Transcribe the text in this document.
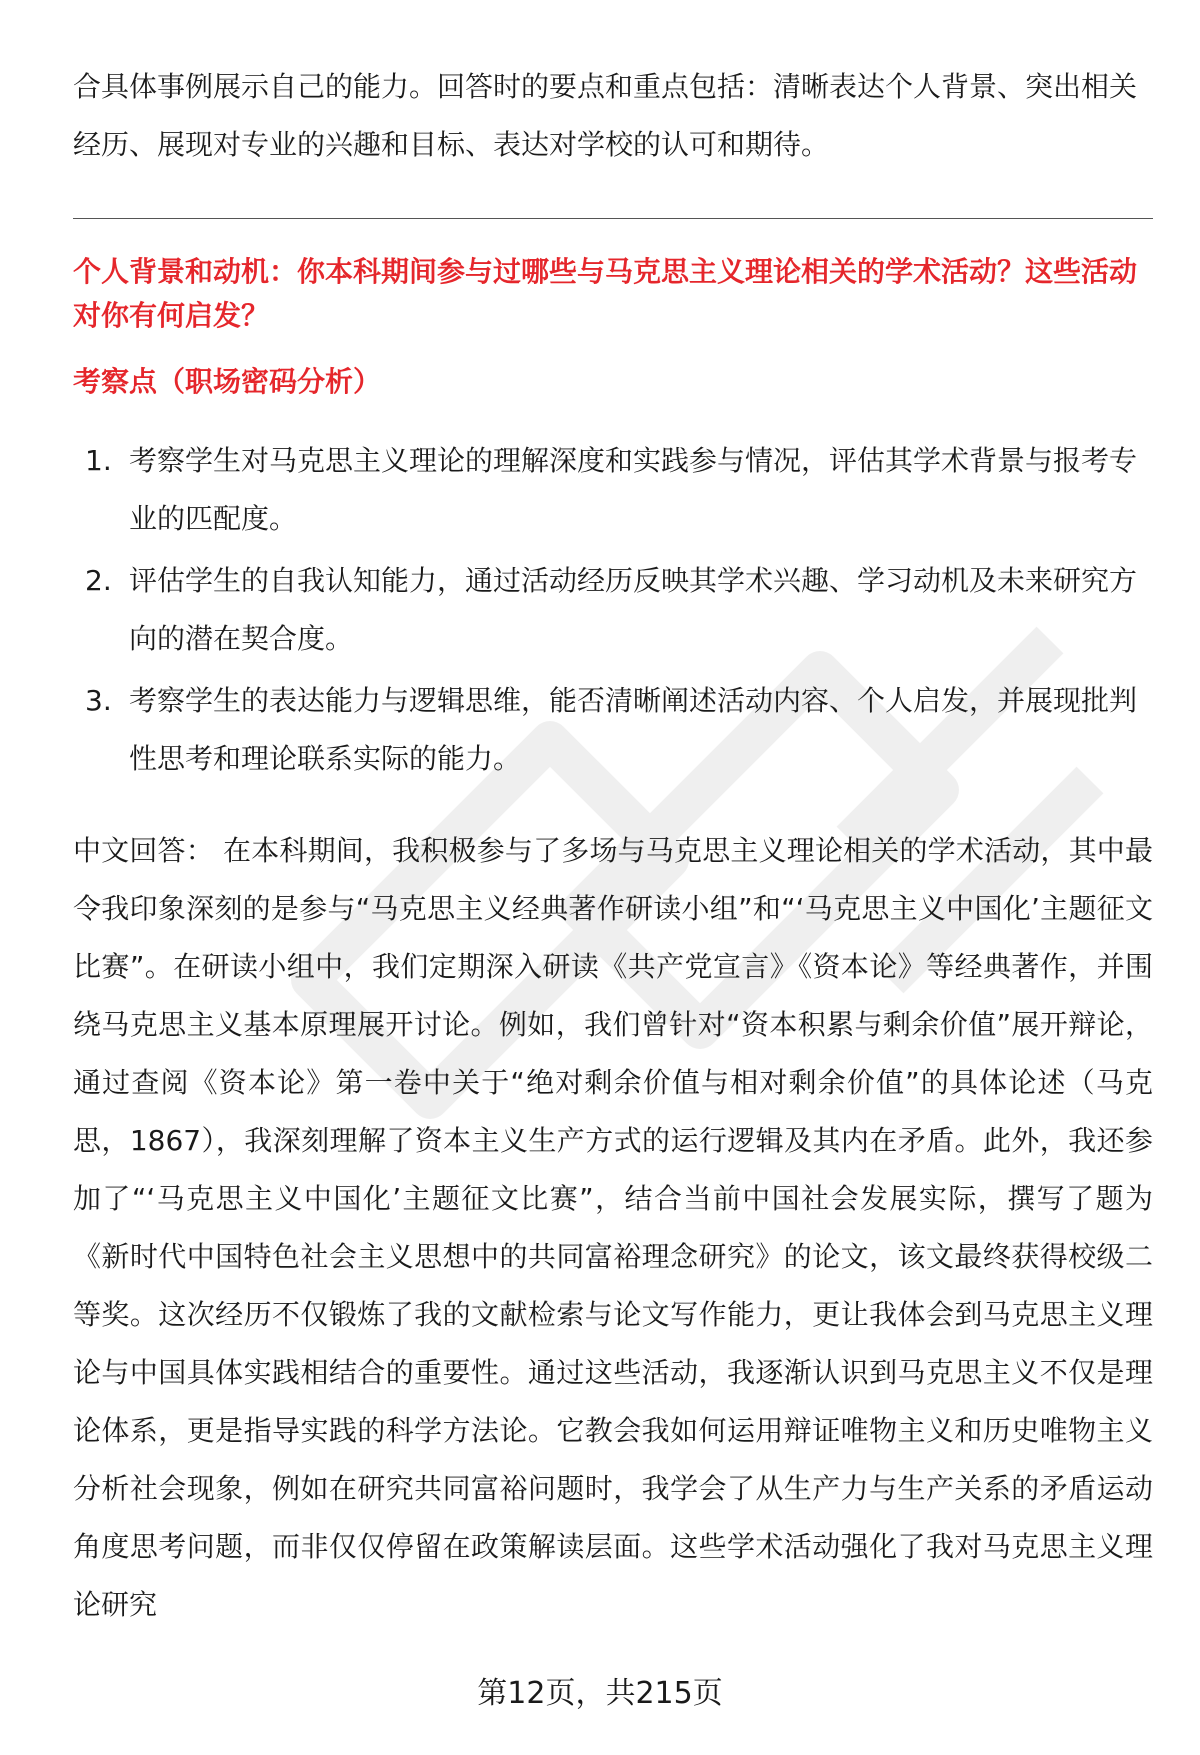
合具体事例展示自己的能力。回答时的要点和重点包括：清晰表达个人背景、突出相关经历、展现对专业的兴趣和目标、表达对学校的认可和期待。

个人背景和动机：你本科期间参与过哪些与马克思主义理论相关的学术活动？这些活动对你有何启发？
考察点（职场密码分析）
1. 考察学生对马克思主义理论的理解深度和实践参与情况，评估其学术背景与报考专业的匹配度。
2. 评估学生的自我认知能力，通过活动经历反映其学术兴趣、学习动机及未来研究方向的潜在契合度。
3. 考察学生的表达能力与逻辑思维，能否清晰阐述活动内容、个人启发，并展现批判性思考和理论联系实际的能力。

中文回答： 在本科期间，我积极参与了多场与马克思主义理论相关的学术活动，其中最令我印象深刻的是参与“马克思主义经典著作研读小组”和“‘马克思主义中国化’主题征文比赛”。在研读小组中，我们定期深入研读《共产党宣言》《资本论》等经典著作，并围绕马克思主义基本原理展开讨论。例如，我们曾针对“资本积累与剩余价值”展开辩论，通过查阅《资本论》第一卷中关于“绝对剩余价值与相对剩余价值”的具体论述（马克思，1867），我深刻理解了资本主义生产方式的运行逻辑及其内在矛盾。此外，我还参加了“‘马克思主义中国化’主题征文比赛”，结合当前中国社会发展实际，撰写了题为《新时代中国特色社会主义思想中的共同富裕理念研究》的论文，该文最终获得校级二等奖。这次经历不仅锻炼了我的文献检索与论文写作能力，更让我体会到马克思主义理论与中国具体实践相结合的重要性。通过这些活动，我逐渐认识到马克思主义不仅是理论体系，更是指导实践的科学方法论。它教会我如何运用辩证唯物主义和历史唯物主义分析社会现象，例如在研究共同富裕问题时，我学会了从生产力与生产关系的矛盾运动角度思考问题，而非仅仅停留在政策解读层面。这些学术活动强化了我对马克思主义理论研究

第12页，共215页
